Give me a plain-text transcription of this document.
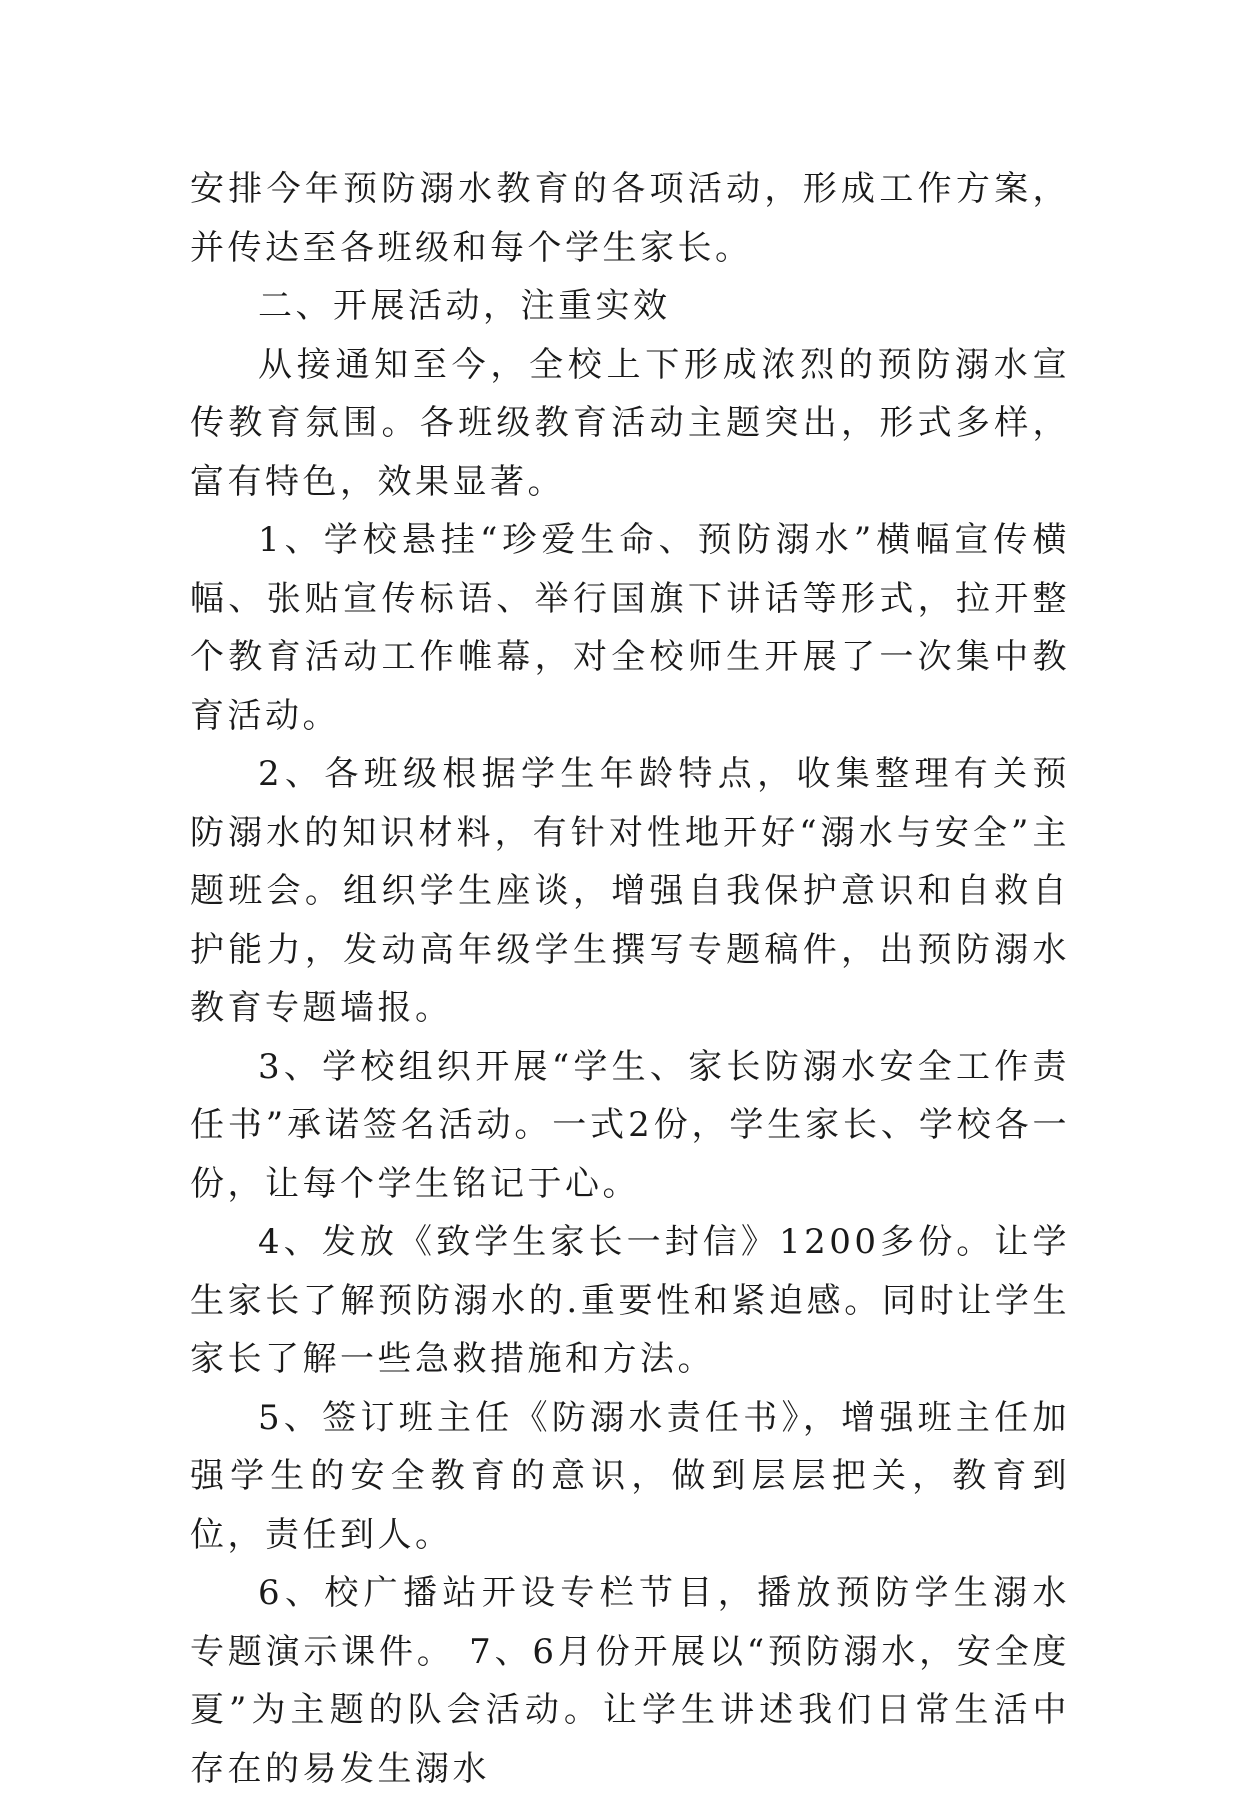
安排今年预防溺水教育的各项活动，形成工作方案，并传达至各班级和每个学生家长。

二、开展活动，注重实效

从接通知至今，全校上下形成浓烈的预防溺水宣传教育氛围。各班级教育活动主题突出，形式多样，富有特色，效果显著。

1、学校悬挂“珍爱生命、预防溺水”横幅宣传横幅、张贴宣传标语、举行国旗下讲话等形式，拉开整个教育活动工作帷幕，对全校师生开展了一次集中教育活动。

2、各班级根据学生年龄特点，收集整理有关预防溺水的知识材料，有针对性地开好“溺水与安全”主题班会。组织学生座谈，增强自我保护意识和自救自护能力，发动高年级学生撰写专题稿件，出预防溺水教育专题墙报。

3、学校组织开展“学生、家长防溺水安全工作责任书”承诺签名活动。一式2份，学生家长、学校各一份，让每个学生铭记于心。

4、发放《致学生家长一封信》1200多份。让学生家长了解预防溺水的.重要性和紧迫感。同时让学生家长了解一些急救措施和方法。

5、签订班主任《防溺水责任书》，增强班主任加强学生的安全教育的意识，做到层层把关，教育到位，责任到人。

6、校广播站开设专栏节目，播放预防学生溺水专题演示课件。 7、6月份开展以“预防溺水，安全度夏”为主题的队会活动。让学生讲述我们日常生活中存在的易发生溺水
